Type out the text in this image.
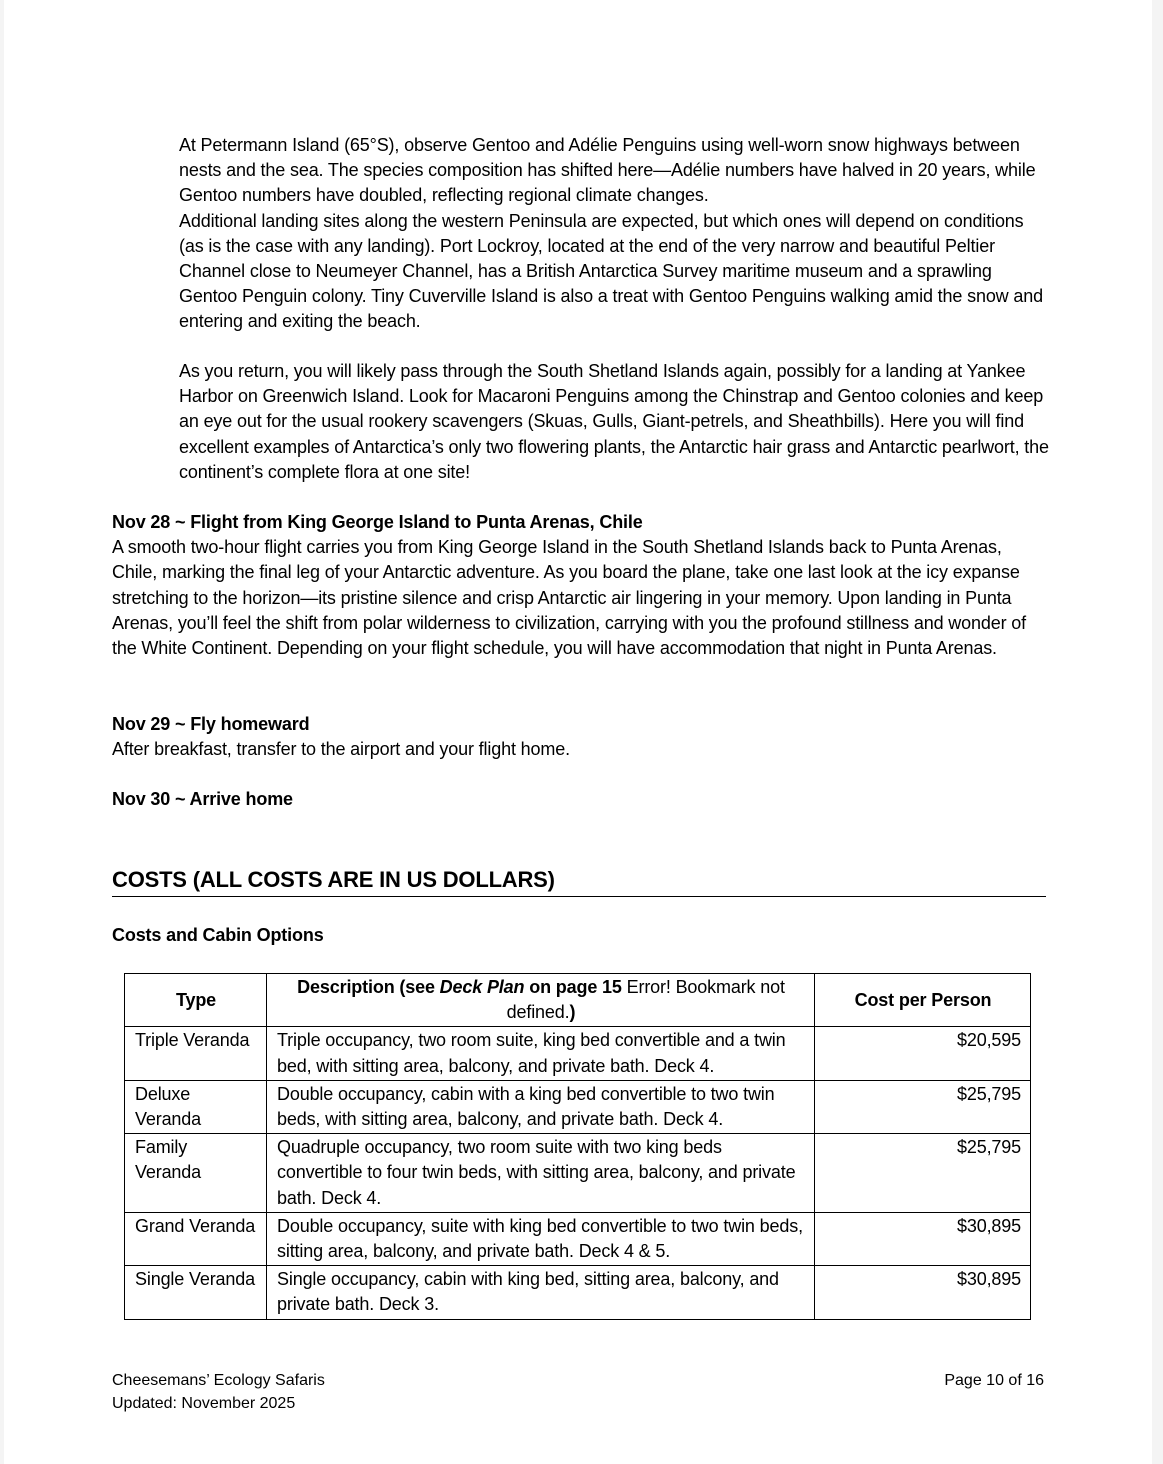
At Petermann Island (65°S), observe Gentoo and Adélie Penguins using well-worn snow highways between nests and the sea. The species composition has shifted here—Adélie numbers have halved in 20 years, while Gentoo numbers have doubled, reflecting regional climate changes.

Additional landing sites along the western Peninsula are expected, but which ones will depend on conditions (as is the case with any landing). Port Lockroy, located at the end of the very narrow and beautiful Peltier Channel close to Neumeyer Channel, has a British Antarctica Survey maritime museum and a sprawling Gentoo Penguin colony. Tiny Cuverville Island is also a treat with Gentoo Penguins walking amid the snow and entering and exiting the beach.

As you return, you will likely pass through the South Shetland Islands again, possibly for a landing at Yankee Harbor on Greenwich Island. Look for Macaroni Penguins among the Chinstrap and Gentoo colonies and keep an eye out for the usual rookery scavengers (Skuas, Gulls, Giant-petrels, and Sheathbills). Here you will find excellent examples of Antarctica’s only two flowering plants, the Antarctic hair grass and Antarctic pearlwort, the continent’s complete flora at one site!

Nov 28 ~ Flight from King George Island to Punta Arenas, Chile

A smooth two-hour flight carries you from King George Island in the South Shetland Islands back to Punta Arenas, Chile, marking the final leg of your Antarctic adventure. As you board the plane, take one last look at the icy expanse stretching to the horizon—its pristine silence and crisp Antarctic air lingering in your memory. Upon landing in Punta Arenas, you’ll feel the shift from polar wilderness to civilization, carrying with you the profound stillness and wonder of the White Continent. Depending on your flight schedule, you will have accommodation that night in Punta Arenas.

Nov 29 ~ Fly homeward

After breakfast, transfer to the airport and your flight home.

Nov 30 ~ Arrive home

COSTS (ALL COSTS ARE IN US DOLLARS)
Costs and Cabin Options
Type	Description (see Deck Plan on page 15 Error! Bookmark not defined.)	Cost per Person
Triple Veranda	Triple occupancy, two room suite, king bed convertible and a twin bed, with sitting area, balcony, and private bath. Deck 4.	$20,595
Deluxe Veranda	Double occupancy, cabin with a king bed convertible to two twin beds, with sitting area, balcony, and private bath. Deck 4.	$25,795
Family Veranda	Quadruple occupancy, two room suite with two king beds convertible to four twin beds, with sitting area, balcony, and private bath. Deck 4.	$25,795
Grand Veranda	Double occupancy, suite with king bed convertible to two twin beds, sitting area, balcony, and private bath. Deck 4 & 5.	$30,895
Single Veranda	Single occupancy, cabin with king bed, sitting area, balcony, and private bath. Deck 3.	$30,895
Cheesemans’ Ecology Safaris
Updated: November 2025
Page 10 of 16
